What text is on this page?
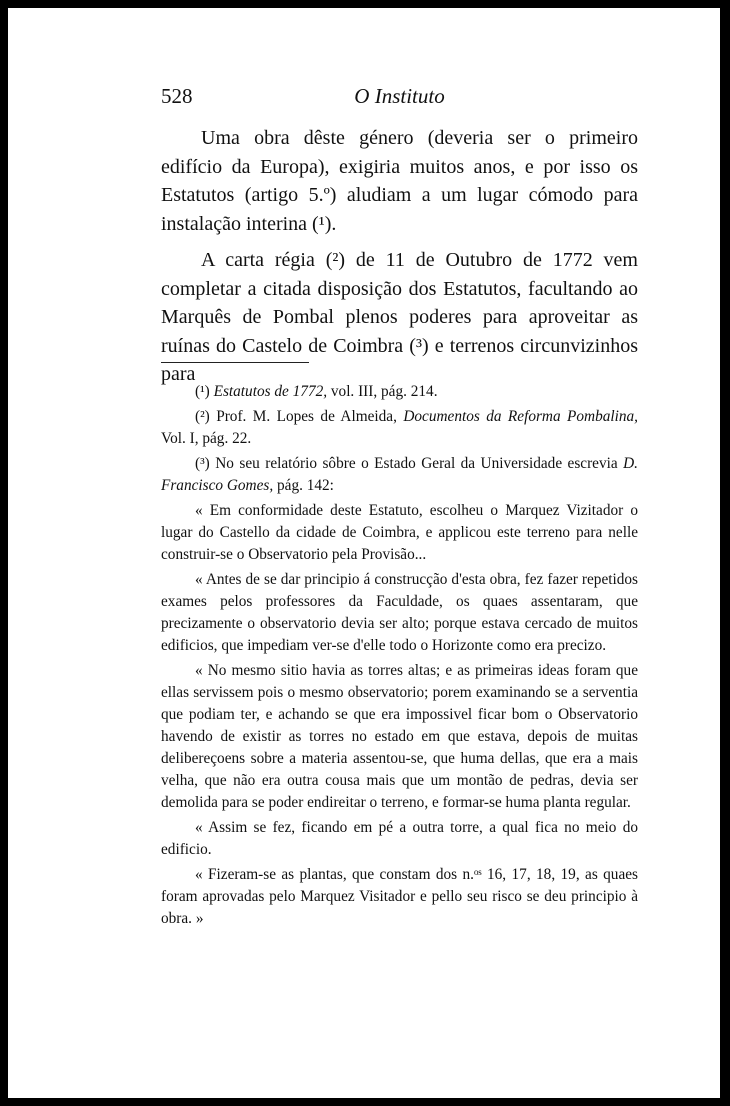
528	O Instituto

Uma obra dêste género (deveria ser o primeiro edifício da Europa), exigiria muitos anos, e por isso os Estatutos (artigo 5.º) aludiam a um lugar cómodo para instalação interina (¹).

A carta régia (²) de 11 de Outubro de 1772 vem completar a citada disposição dos Estatutos, facultando ao Marquês de Pombal plenos poderes para aproveitar as ruínas do Castelo de Coimbra (³) e terrenos circunvizinhos para

(¹) Estatutos de 1772, vol. III, pág. 214.

(²) Prof. M. Lopes de Almeida, Documentos da Reforma Pombalina, Vol. I, pág. 22.

(³) No seu relatório sôbre o Estado Geral da Universidade escrevia D. Francisco Gomes, pág. 142:

« Em conformidade deste Estatuto, escolheu o Marquez Vizitador o lugar do Castello da cidade de Coimbra, e applicou este terreno para nelle construir-se o Observatorio pela Provisão...

« Antes de se dar principio á construcção d'esta obra, fez fazer repetidos exames pelos professores da Faculdade, os quaes assentaram, que precizamente o observatorio devia ser alto; porque estava cercado de muitos edificios, que impediam ver-se d'elle todo o Horizonte como era precizo.

« No mesmo sitio havia as torres altas; e as primeiras ideas foram que ellas servissem pois o mesmo observatorio; porem examinando se a serventia que podiam ter, e achando se que era impossivel ficar bom o Observatorio havendo de existir as torres no estado em que estava, depois de muitas delibereçoens sobre a materia assentou-se, que huma dellas, que era a mais velha, que não era outra cousa mais que um montão de pedras, devia ser demolida para se poder endireitar o terreno, e formar-se huma planta regular.

« Assim se fez, ficando em pé a outra torre, a qual fica no meio do edificio.

« Fizeram-se as plantas, que constam dos n.ᵒˢ 16, 17, 18, 19, as quaes foram aprovadas pelo Marquez Visitador e pello seu risco se deu principio à obra. »
